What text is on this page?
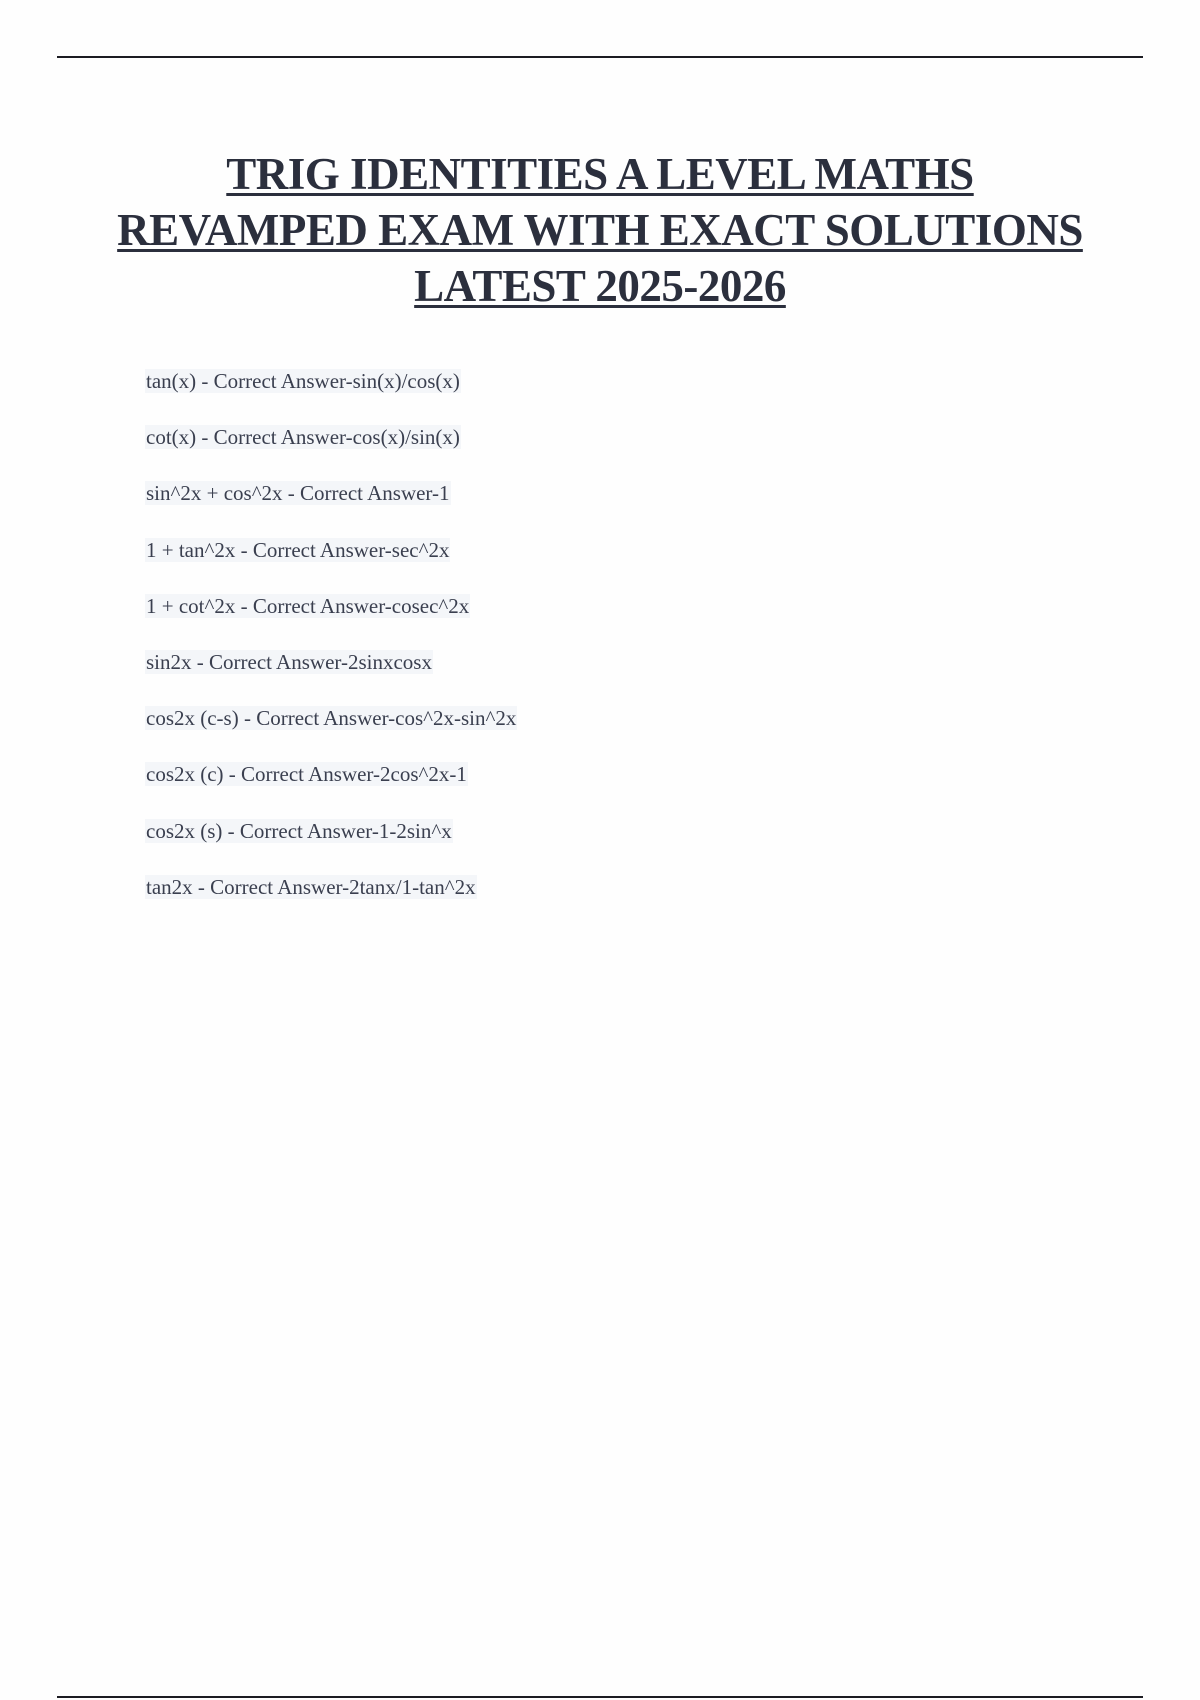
TRIG IDENTITIES A LEVEL MATHS REVAMPED EXAM WITH EXACT SOLUTIONS LATEST 2025-2026
tan(x) - Correct Answer-sin(x)/cos(x)
cot(x) - Correct Answer-cos(x)/sin(x)
sin^2x + cos^2x - Correct Answer-1
1 + tan^2x - Correct Answer-sec^2x
1 + cot^2x - Correct Answer-cosec^2x
sin2x - Correct Answer-2sinxcosx
cos2x (c-s) - Correct Answer-cos^2x-sin^2x
cos2x (c) - Correct Answer-2cos^2x-1
cos2x (s) - Correct Answer-1-2sin^x
tan2x - Correct Answer-2tanx/1-tan^2x
